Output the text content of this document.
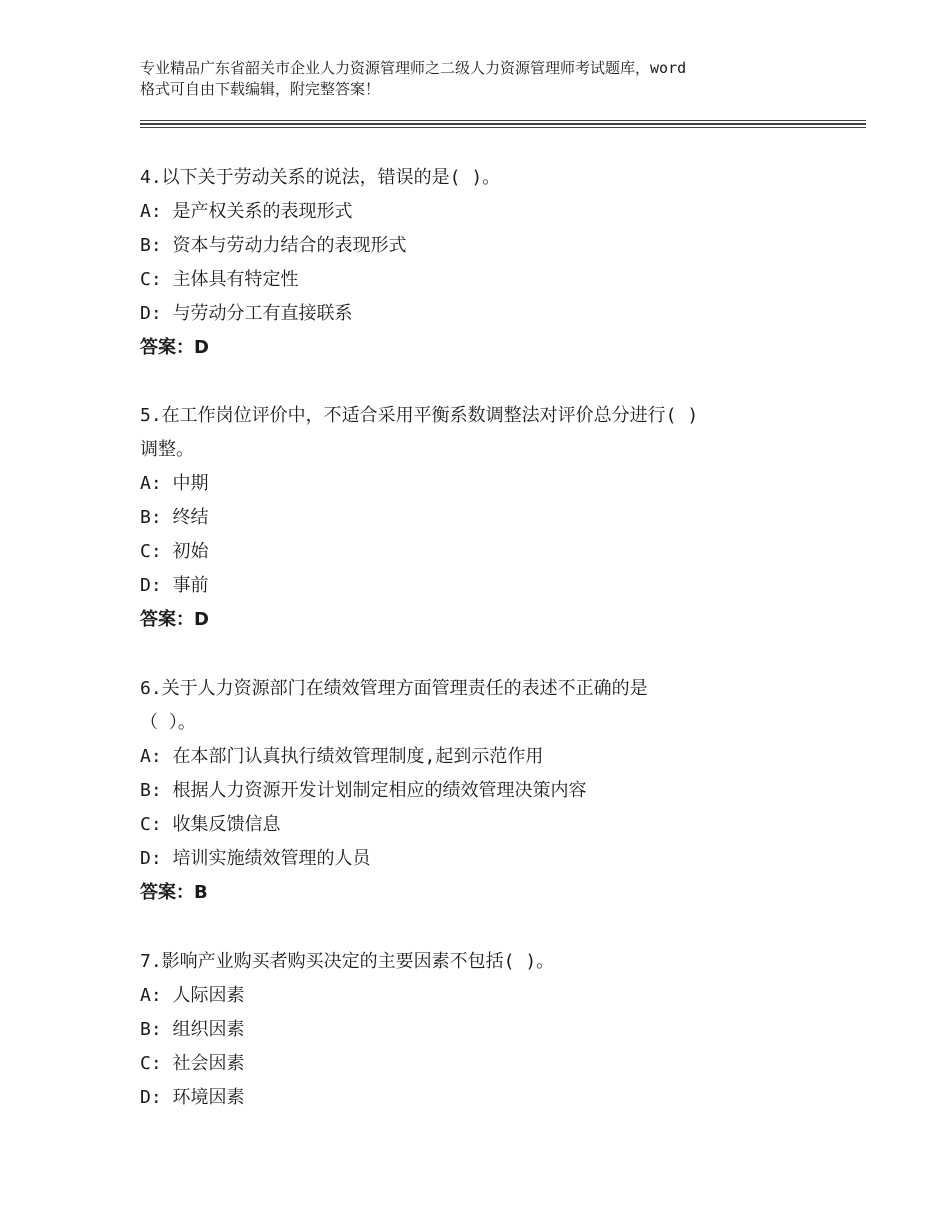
专业精品广东省韶关市企业人力资源管理师之二级人力资源管理师考试题库，word
格式可自由下载编辑，附完整答案！
4.以下关于劳动关系的说法，错误的是( )。
A: 是产权关系的表现形式
B: 资本与劳动力结合的表现形式
C: 主体具有特定性
D: 与劳动分工有直接联系
答案：D
5.在工作岗位评价中，不适合采用平衡系数调整法对评价总分进行( )
调整。
A: 中期
B: 终结
C: 初始
D: 事前
答案：D
6.关于人力资源部门在绩效管理方面管理责任的表述不正确的是
（ ）。
A: 在本部门认真执行绩效管理制度,起到示范作用
B: 根据人力资源开发计划制定相应的绩效管理决策内容
C: 收集反馈信息
D: 培训实施绩效管理的人员
答案：B
7.影响产业购买者购买决定的主要因素不包括( )。
A: 人际因素
B: 组织因素
C: 社会因素
D: 环境因素
